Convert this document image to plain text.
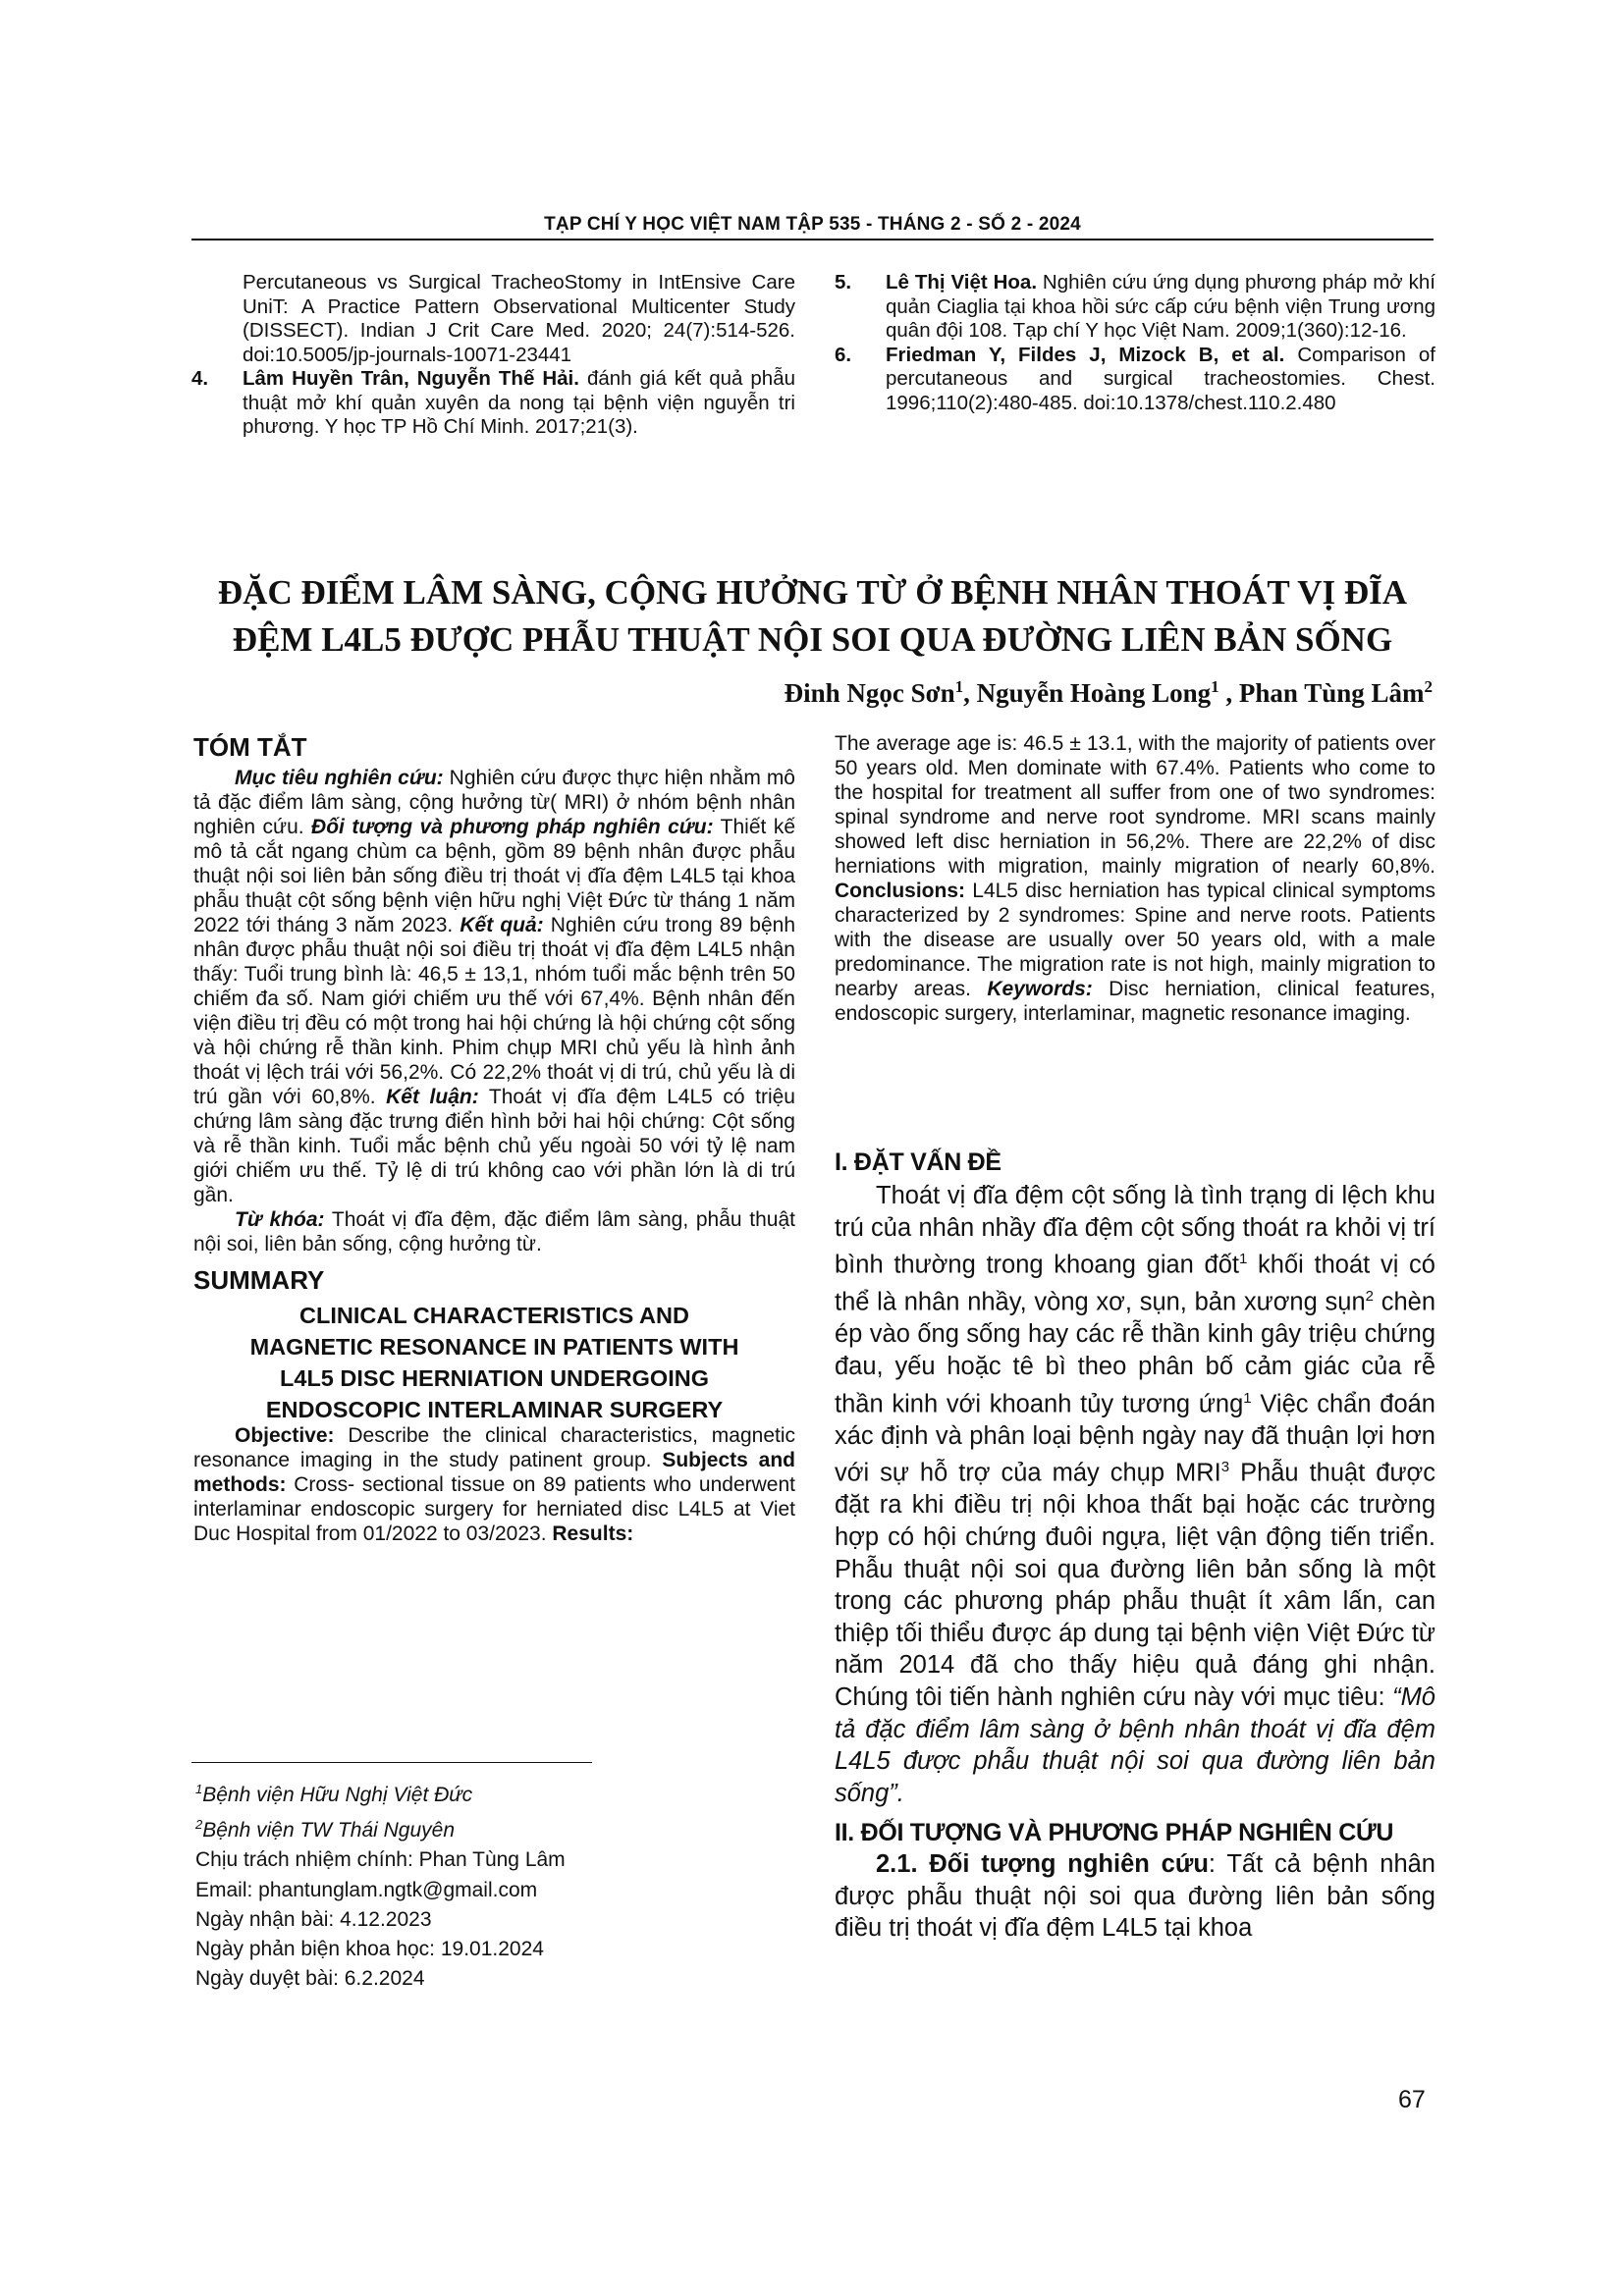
TẠP CHÍ Y HỌC VIỆT NAM TẬP 535 - THÁNG 2 - SỐ 2 - 2024
Percutaneous vs Surgical TracheoStomy in IntEnsive Care UniT: A Practice Pattern Observational Multicenter Study (DISSECT). Indian J Crit Care Med. 2020; 24(7):514-526. doi:10.5005/jp-journals-10071-23441
4. Lâm Huyền Trân, Nguyễn Thế Hải. đánh giá kết quả phẫu thuật mở khí quản xuyên da nong tại bệnh viện nguyễn tri phương. Y học TP Hồ Chí Minh. 2017;21(3).
5. Lê Thị Việt Hoa. Nghiên cứu ứng dụng phương pháp mở khí quản Ciaglia tại khoa hồi sức cấp cứu bệnh viện Trung ương quân đội 108. Tạp chí Y học Việt Nam. 2009;1(360):12-16.
6. Friedman Y, Fildes J, Mizock B, et al. Comparison of percutaneous and surgical tracheostomies. Chest. 1996;110(2):480-485. doi:10.1378/chest.110.2.480
ĐẶC ĐIỂM LÂM SÀNG, CỘNG HƯỞNG TỪ Ở BỆNH NHÂN THOÁT VỊ ĐĨA
ĐỆM L4L5 ĐƯỢC PHẪU THUẬT NỘI SOI QUA ĐƯỜNG LIÊN BẢN SỐNG
Đinh Ngọc Sơn$^1$, Nguyễn Hoàng Long$^1$ , Phan Tùng Lâm$^2$
TÓM TẮT

Mục tiêu nghiên cứu: Nghiên cứu được thực hiện nhằm mô tả đặc điểm lâm sàng, cộng hưởng từ( MRI) ở nhóm bệnh nhân nghiên cứu. Đối tượng và phương pháp nghiên cứu: Thiết kế mô tả cắt ngang chùm ca bệnh, gồm 89 bệnh nhân được phẫu thuật nội soi liên bản sống điều trị thoát vị đĩa đệm L4L5 tại khoa phẫu thuật cột sống bệnh viện hữu nghị Việt Đức từ tháng 1 năm 2022 tới tháng 3 năm 2023. Kết quả: Nghiên cứu trong 89 bệnh nhân được phẫu thuật nội soi điều trị thoát vị đĩa đệm L4L5 nhận thấy: Tuổi trung bình là: 46,5 ± 13,1, nhóm tuổi mắc bệnh trên 50 chiếm đa số. Nam giới chiếm ưu thế với 67,4%. Bệnh nhân đến viện điều trị đều có một trong hai hội chứng là hội chứng cột sống và hội chứng rễ thần kinh. Phim chụp MRI chủ yếu là hình ảnh thoát vị lệch trái với 56,2%. Có 22,2% thoát vị di trú, chủ yếu là di trú gần với 60,8%. Kết luận: Thoát vị đĩa đệm L4L5 có triệu chứng lâm sàng đặc trưng điển hình bởi hai hội chứng: Cột sống và rễ thần kinh. Tuổi mắc bệnh chủ yếu ngoài 50 với tỷ lệ nam giới chiếm ưu thế. Tỷ lệ di trú không cao với phần lớn là di trú gần.

Từ khóa: Thoát vị đĩa đệm, đặc điểm lâm sàng, phẫu thuật nội soi, liên bản sống, cộng hưởng từ.

SUMMARY
CLINICAL CHARACTERISTICS AND
MAGNETIC RESONANCE IN PATIENTS WITH
L4L5 DISC HERNIATION UNDERGOING
ENDOSCOPIC INTERLAMINAR SURGERY

Objective: Describe the clinical characteristics, magnetic resonance imaging in the study patinent group. Subjects and methods: Cross- sectional tissue on 89 patients who underwent interlaminar endoscopic surgery for herniated disc L4L5 at Viet Duc Hospital from 01/2022 to 03/2023. Results:

$^1$Bệnh viện Hữu Nghị Việt Đức

$^2$Bệnh viện TW Thái Nguyên

Chịu trách nhiệm chính: Phan Tùng Lâm

Email: phantunglam.ngtk@gmail.com

Ngày nhận bài: 4.12.2023

Ngày phản biện khoa học: 19.01.2024

Ngày duyệt bài: 6.2.2024

The average age is: 46.5 ± 13.1, with the majority of patients over 50 years old. Men dominate with 67.4%. Patients who come to the hospital for treatment all suffer from one of two syndromes: spinal syndrome and nerve root syndrome. MRI scans mainly showed left disc herniation in 56,2%. There are 22,2% of disc herniations with migration, mainly migration of nearly 60,8%. Conclusions: L4L5 disc herniation has typical clinical symptoms characterized by 2 syndromes: Spine and nerve roots. Patients with the disease are usually over 50 years old, with a male predominance. The migration rate is not high, mainly migration to nearby areas. Keywords: Disc herniation, clinical features, endoscopic surgery, interlaminar, magnetic resonance imaging.

I. ĐẶT VẤN ĐỀ

Thoát vị đĩa đệm cột sống là tình trạng di lệch khu trú của nhân nhầy đĩa đệm cột sống thoát ra khỏi vị trí bình thường trong khoang gian đốt$^1$ khối thoát vị có thể là nhân nhầy, vòng xơ, sụn, bản xương sụn$^2$ chèn ép vào ống sống hay các rễ thần kinh gây triệu chứng đau, yếu hoặc tê bì theo phân bố cảm giác của rễ thần kinh với khoanh tủy tương ứng$^1$ Việc chẩn đoán xác định và phân loại bệnh ngày nay đã thuận lợi hơn với sự hỗ trợ của máy chụp MRI$^3$ Phẫu thuật được đặt ra khi điều trị nội khoa thất bại hoặc các trường hợp có hội chứng đuôi ngựa, liệt vận động tiến triển. Phẫu thuật nội soi qua đường liên bản sống là một trong các phương pháp phẫu thuật ít xâm lấn, can thiệp tối thiểu được áp dung tại bệnh viện Việt Đức từ năm 2014 đã cho thấy hiệu quả đáng ghi nhận. Chúng tôi tiến hành nghiên cứu này với mục tiêu: “Mô tả đặc điểm lâm sàng ở bệnh nhân thoát vị đĩa đệm L4L5 được phẫu thuật nội soi qua đường liên bản sống”.

II. ĐỐI TƯỢNG VÀ PHƯƠNG PHÁP NGHIÊN CỨU

2.1. Đối tượng nghiên cứu: Tất cả bệnh nhân được phẫu thuật nội soi qua đường liên bản sống điều trị thoát vị đĩa đệm L4L5 tại khoa

67
